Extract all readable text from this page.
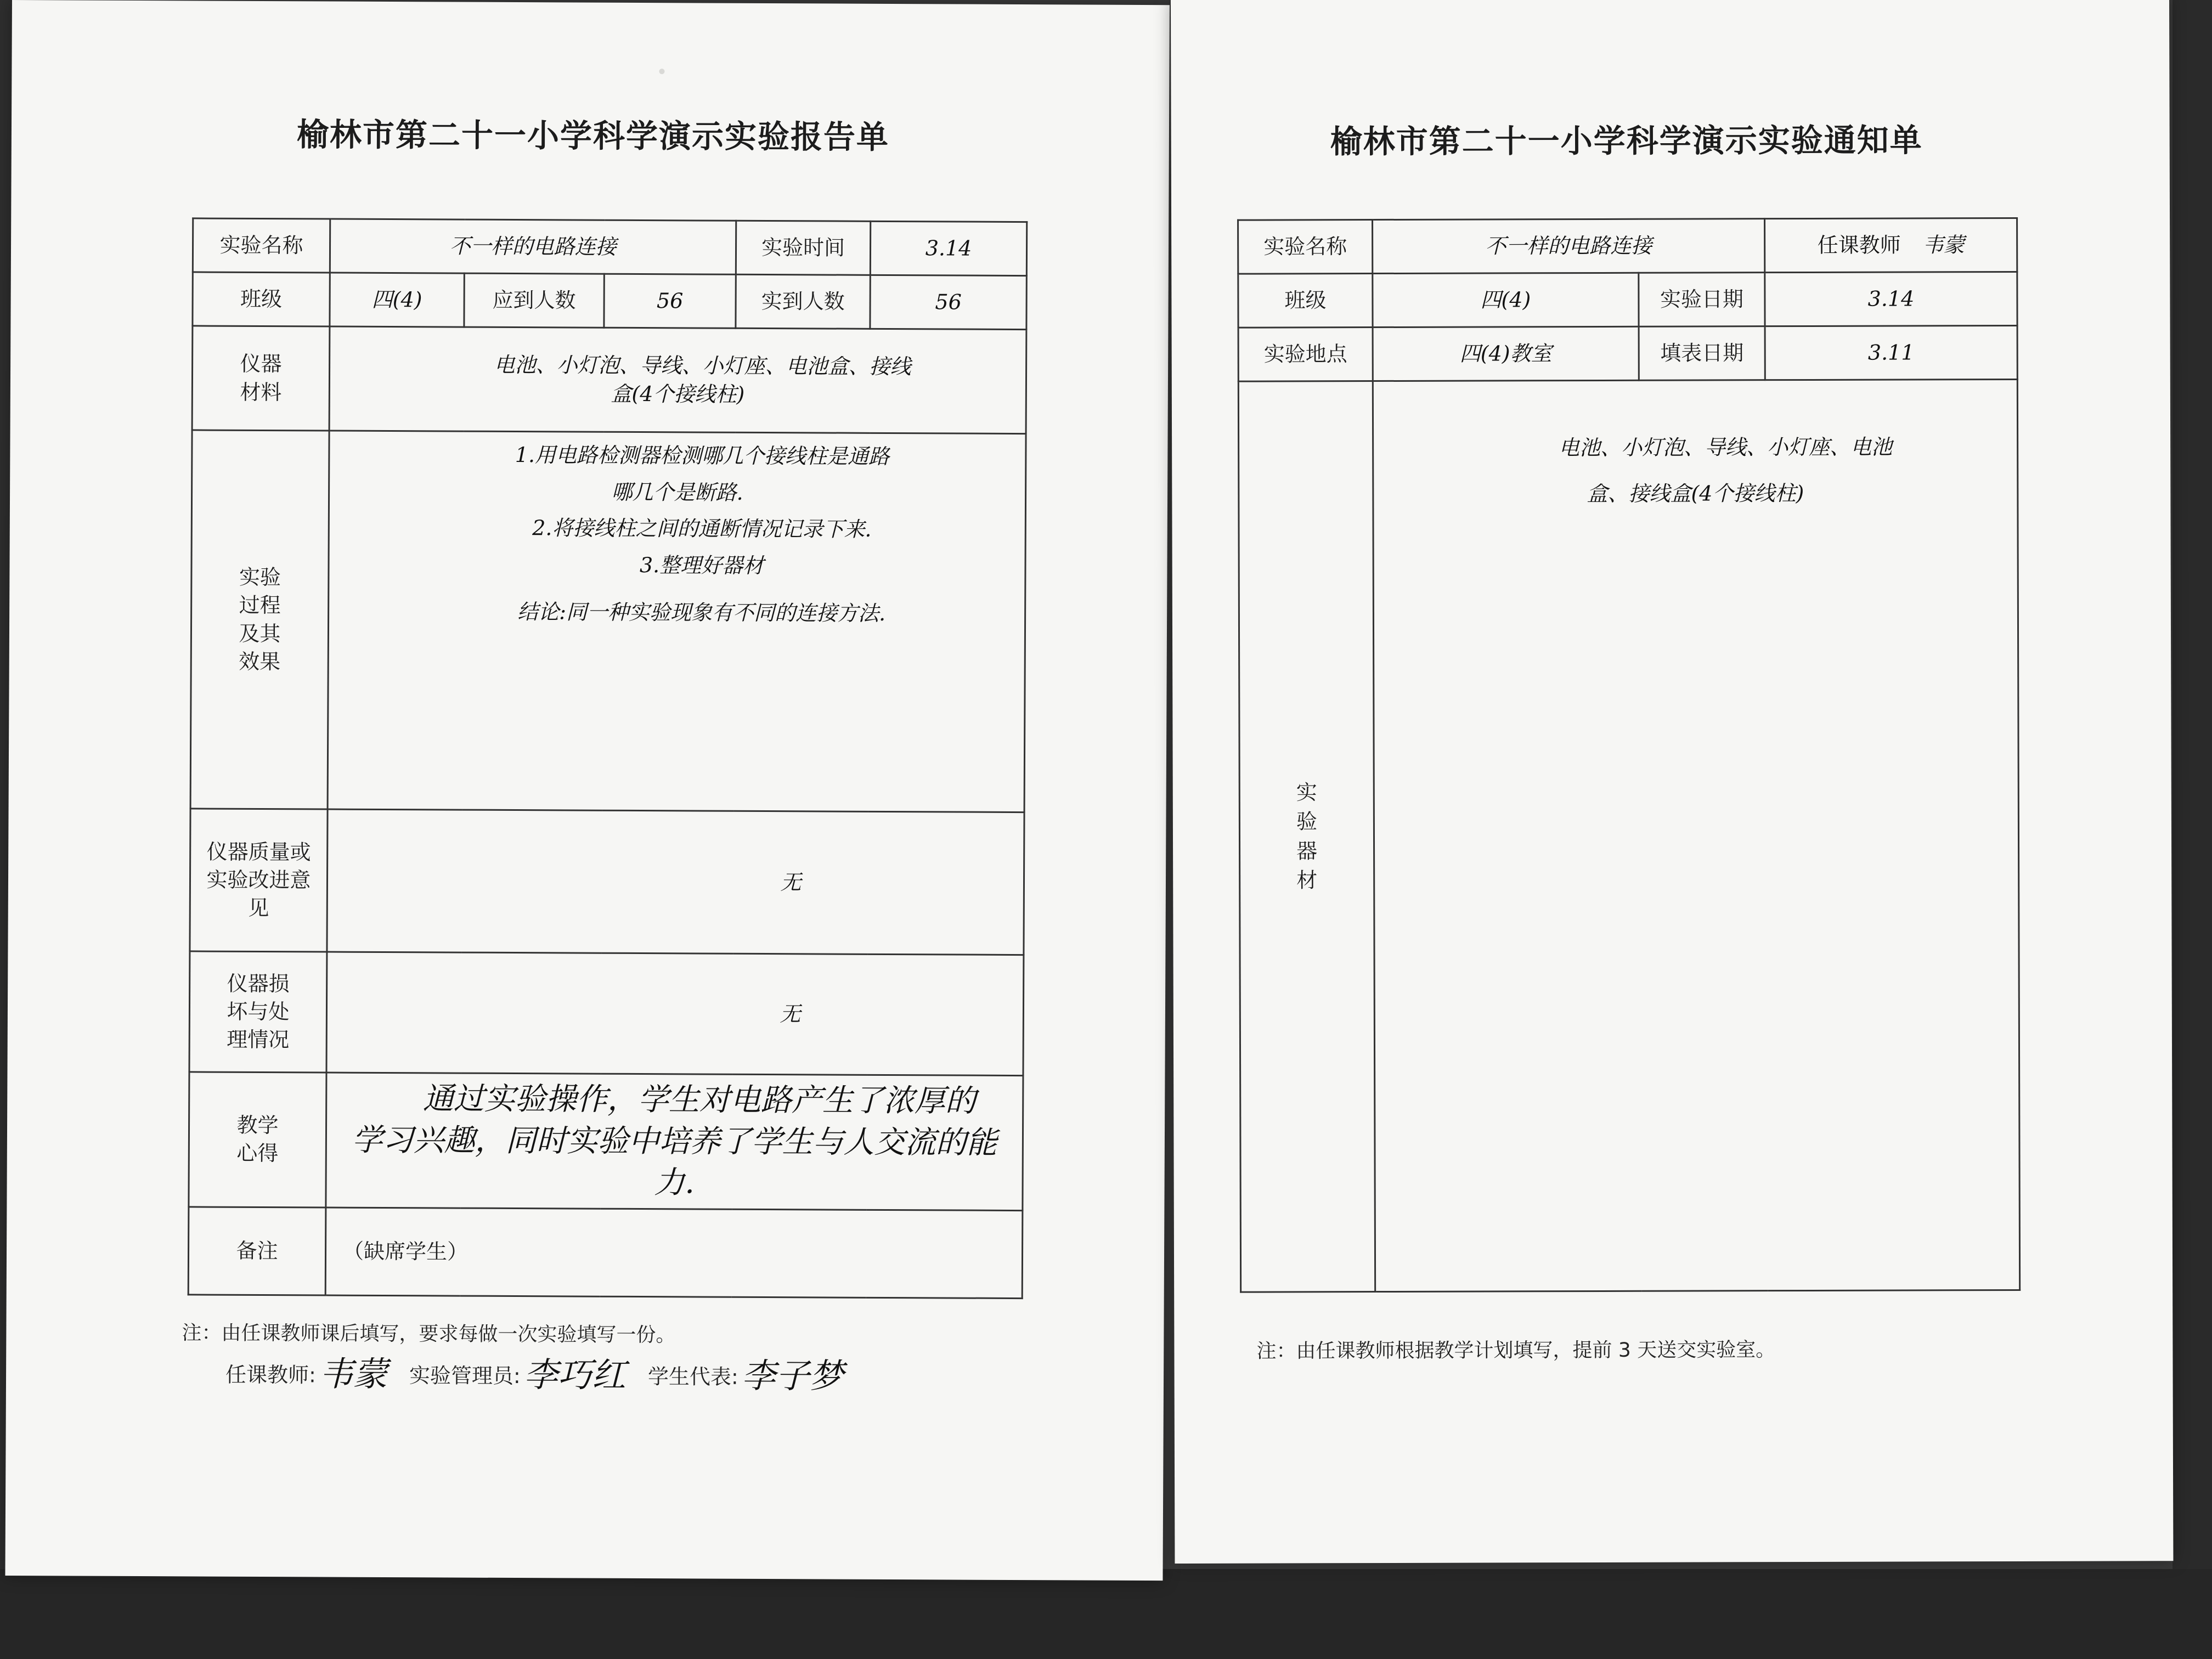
榆林市第二十一小学科学演示实验报告单
实验名称	不一样的电路连接			实验时间	3.14
班级	四(4)	应到人数	56	实到人数	56

仪器材料	电池、小灯泡、导线、小灯座、电池盒、接线
盒(4个接线柱)				

实验过程及其效果	1.用电路检测器检测哪几个接线柱是通路
哪几个是断路.
2.将接线柱之间的通断情况记录下来.
3.整理好器材
结论:同一种实验现象有不同的连接方法.				

仪器质量或实验改进意见	无				

仪器损坏与处理情况	无				

教学心得	通过实验操作，学生对电路产生了浓厚的
学习兴趣，同时实验中培养了学生与人交流的能力.				

备注	（缺席学生）				
注：由任课教师课后填写，要求每做一次实验填写一份。
任课教师:韦蒙 实验管理员:李巧红 学生代表:李子梦
榆林市第二十一小学科学演示实验通知单
实验名称	不一样的电路连接		任课教师 韦蒙
班级	四(4)	实验日期	3.14
实验地点	四(4)教室	填表日期	3.11

实验器材	电池、小灯泡、导线、小灯座、电池
盒、接线盒(4个接线柱)		
注：由任课教师根据教学计划填写，提前 3 天送交实验室。
